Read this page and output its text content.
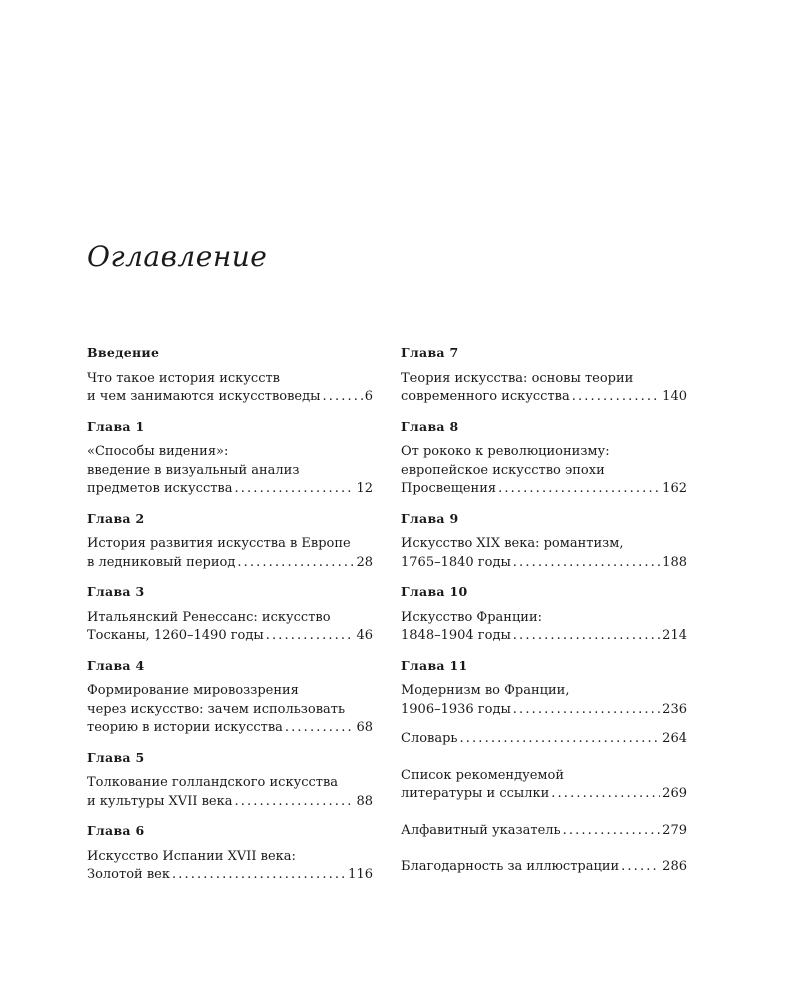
Оглавление
Введение
Что такое история искусств
и чем занимаются искусствоведы . . .	6
Глава 1
«Способы видения»:
введение в визуальный анализ
предметов искусства . . .	12
Глава 2
История развития искусства в Европе
в ледниковый период . . .	28
Глава 3
Итальянский Ренессанс: искусство
Тосканы, 1260–1490 годы . . .	46
Глава 4
Формирование мировоззрения
через искусство: зачем использовать
теорию в истории искусства . . .	68
Глава 5
Толкование голландского искусства
и культуры XVII века . . .	88
Глава 6
Искусство Испании XVII века:
Золотой век . . .	116
Глава 7
Теория искусства: основы теории
современного искусства . . .	140
Глава 8
От рококо к революционизму:
европейское искусство эпохи
Просвещения . . .	162
Глава 9
Искусство XIX века: романтизм,
1765–1840 годы . . .	188
Глава 10
Искусство Франции:
1848–1904 годы . . .	214
Глава 11
Модернизм во Франции,
1906–1936 годы . . .	236
Словарь . . .	264
Список рекомендуемой
литературы и ссылки . . .	269
Алфавитный указатель . . .	279
Благодарность за иллюстрации . . .	286
